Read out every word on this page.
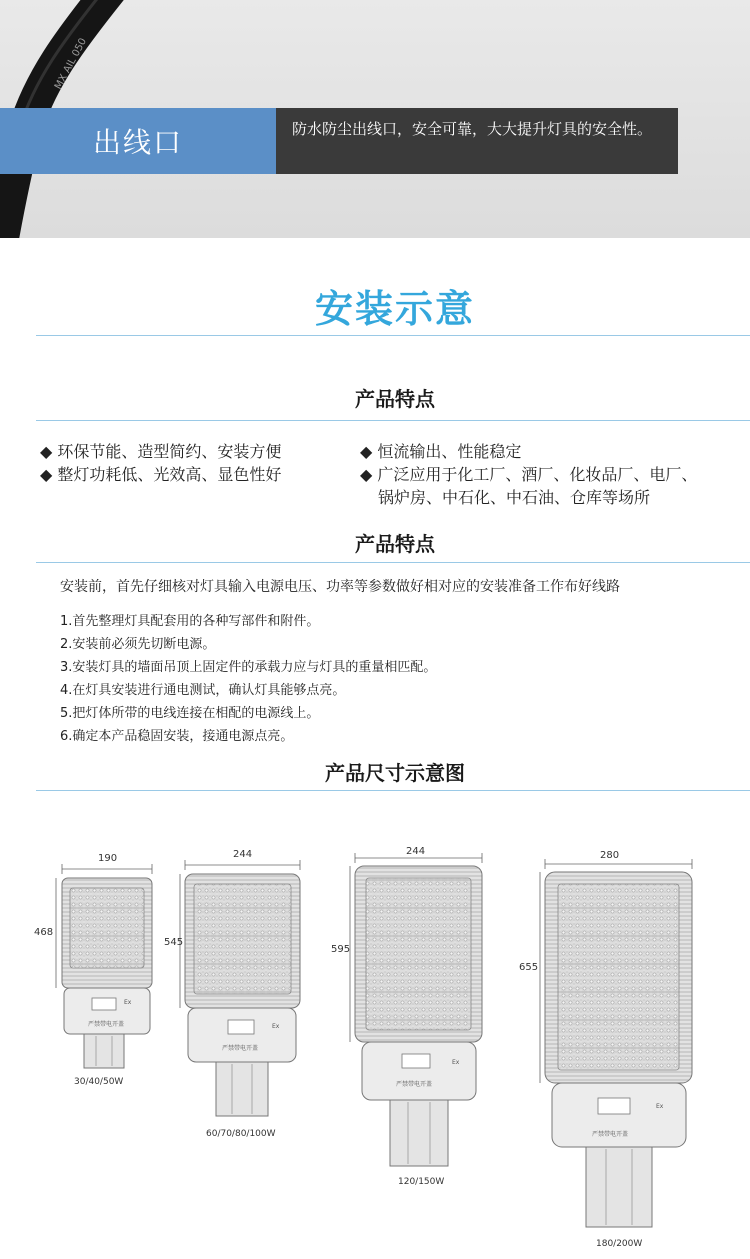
MX AIL 050
出线口	防水防尘出线口，安全可靠，大大提升灯具的安全性。
安装示意
产品特点
◆ 环保节能、造型简约、安装方便	◆ 恒流输出、性能稳定
◆ 整灯功耗低、光效高、显色性好	◆ 广泛应用于化工厂、酒厂、化妆品厂、电厂、
锅炉房、中石化、中石油、仓库等场所
产品特点
安装前，首先仔细核对灯具输入电源电压、功率等参数做好相对应的安装准备工作布好线路
1.首先整理灯具配套用的各种写部件和附件。
2.安装前必须先切断电源。
3.安装灯具的墙面吊顶上固定件的承载力应与灯具的重量相匹配。
4.在灯具安装进行通电测试，确认灯具能够点亮。
5.把灯体所带的电线连接在相配的电源线上。
6.确定本产品稳固安装，接通电源点亮。
产品尺寸示意图
190
468
Ex
严禁带电开盖
30/40/50W
244
545
Ex
严禁带电开盖
60/70/80/100W
244
595
Ex
严禁带电开盖
120/150W
280
655
Ex
严禁带电开盖
180/200W
